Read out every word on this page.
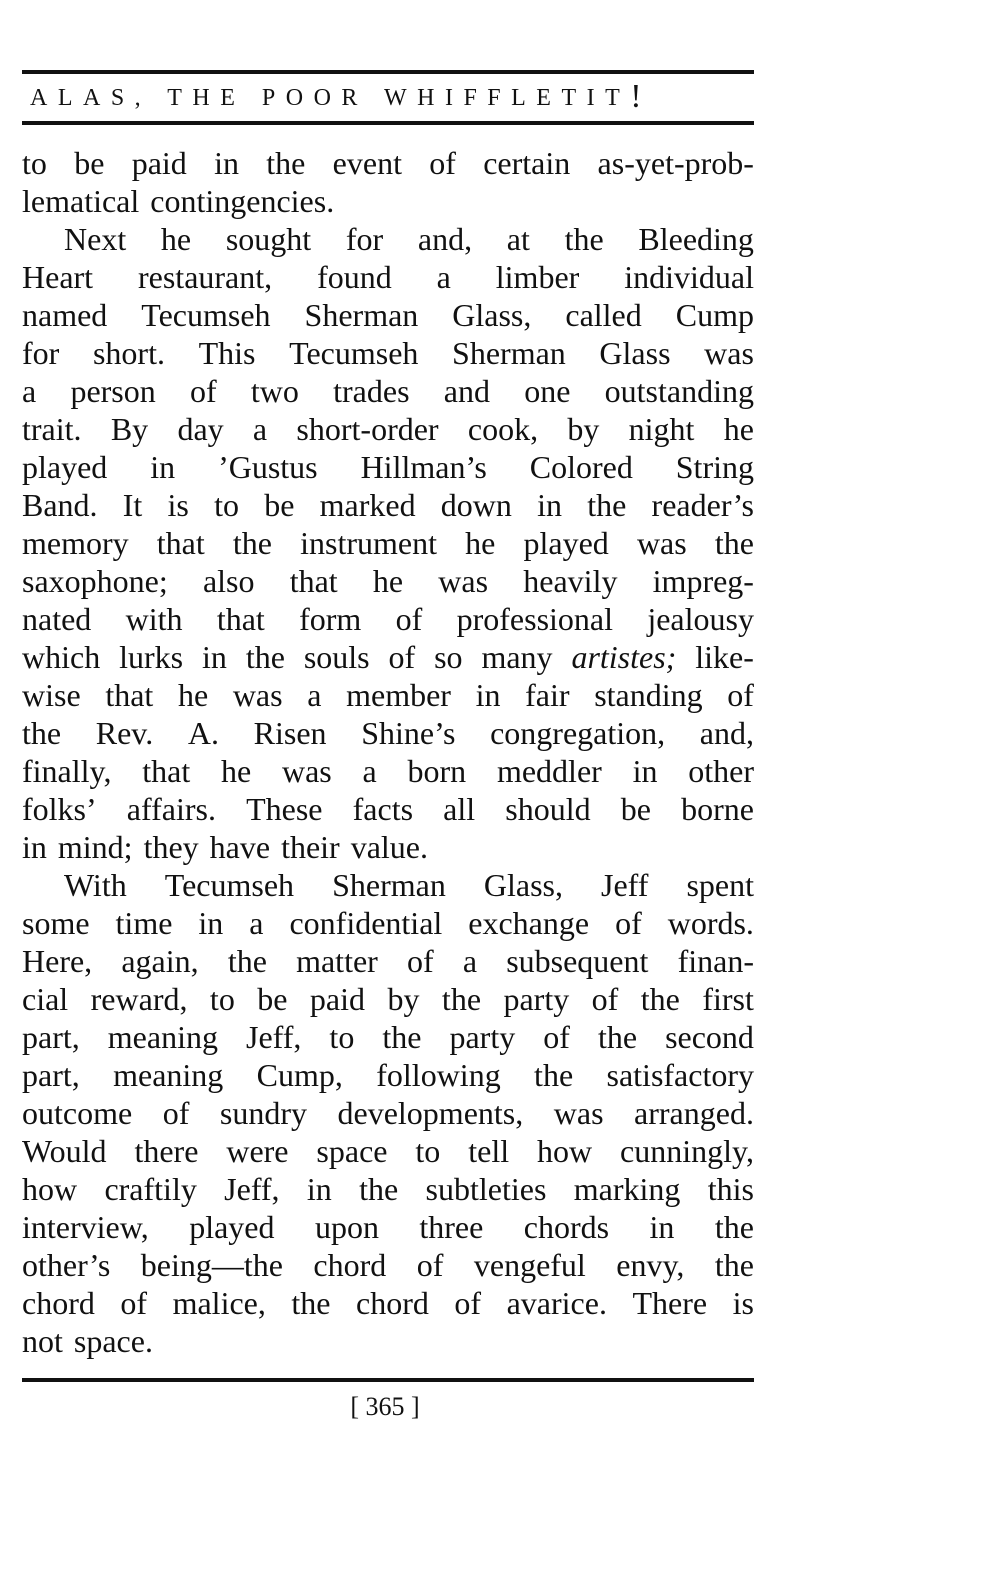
ALAS, THE POOR WHIFFLETIT!
to be paid in the event of certain as-yet-prob-
lematical
contingencies.
Next he sought for and, at the Bleeding
Heart restaurant, found a limber individual
named Tecumseh Sherman Glass, called Cump
for short. This Tecumseh Sherman Glass was
a person of two trades and one outstanding
trait. By day a short-order cook, by night he
played in ’Gustus Hillman’s Colored String
Band. It is to be marked down in the reader’s
memory that the instrument he played was the
saxophone; also that he was heavily impreg-
nated with that form of professional jealousy
which lurks in the souls of so many artistes; like-
wise that he was a member in fair standing of
the Rev. A. Risen Shine’s congregation, and,
finally, that he was a born meddler in other
folks’ affairs. These facts all should be borne
in
mind;
they
have
their
value.
With Tecumseh Sherman Glass, Jeff spent
some time in a confidential exchange of words.
Here, again, the matter of a subsequent finan-
cial reward, to be paid by the party of the first
part, meaning Jeff, to the party of the second
part, meaning Cump, following the satisfactory
outcome of sundry developments, was arranged.
Would there were space to tell how cunningly,
how craftily Jeff, in the subtleties marking this
interview, played upon three chords in the
other’s being—the chord of vengeful envy, the
chord of malice, the chord of avarice. There is
not
space.
[ 365 ]
